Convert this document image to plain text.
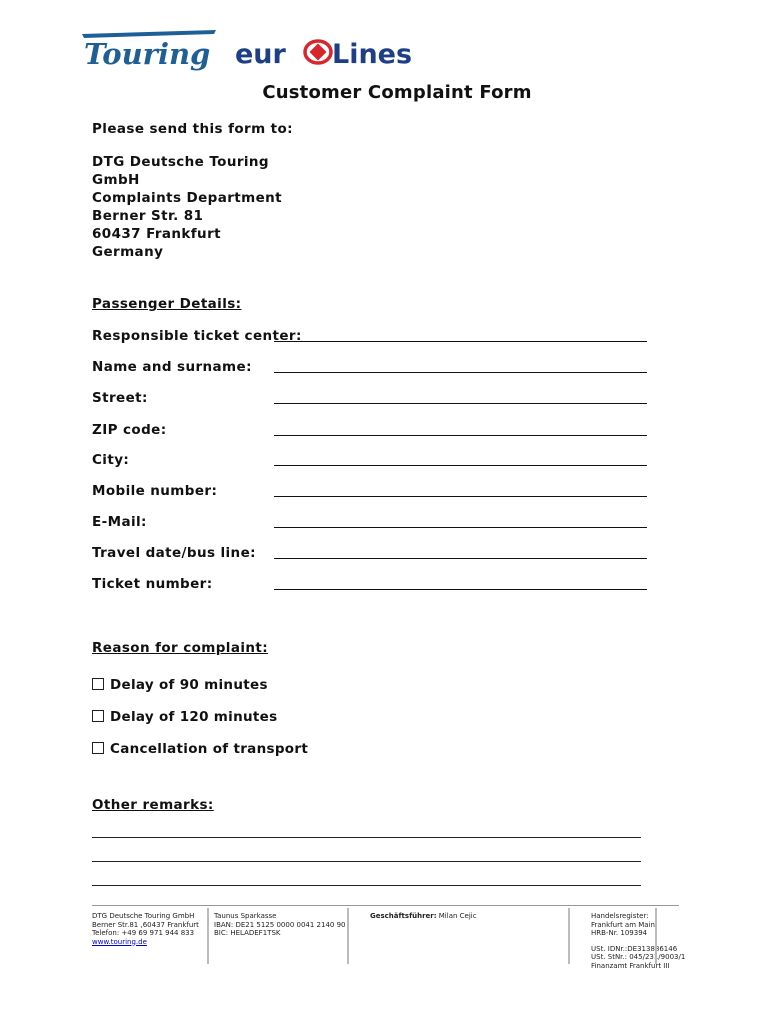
Touring eur Lines
Customer Complaint Form
Please send this form to:
DTG Deutsche Touring
GmbH
Complaints Department
Berner Str. 81
60437 Frankfurt
Germany
Passenger Details:
Responsible ticket center:
Name and surname:
Street:
ZIP code:
City:
Mobile number:
E-Mail:
Travel date/bus line:
Ticket number:
Reason for complaint:
Delay of 90 minutes
Delay of 120 minutes
Cancellation of transport
Other remarks:
DTG Deutsche Touring GmbH
Berner Str.81 ,60437 Frankfurt
Telefon: +49 69 971 944 833
www.touring.de
Taunus Sparkasse
IBAN: DE21 5125 0000 0041 2140 90
BIC: HELADEF1TSK
Geschäftsführer: Milan Cejic	Handelsregister:
Frankfurt am Main
HRB-Nr. 109394
USt. IDNr.:DE313886146
USt. StNr.: 045/231/9003/1
Finanzamt Frankfurt III
